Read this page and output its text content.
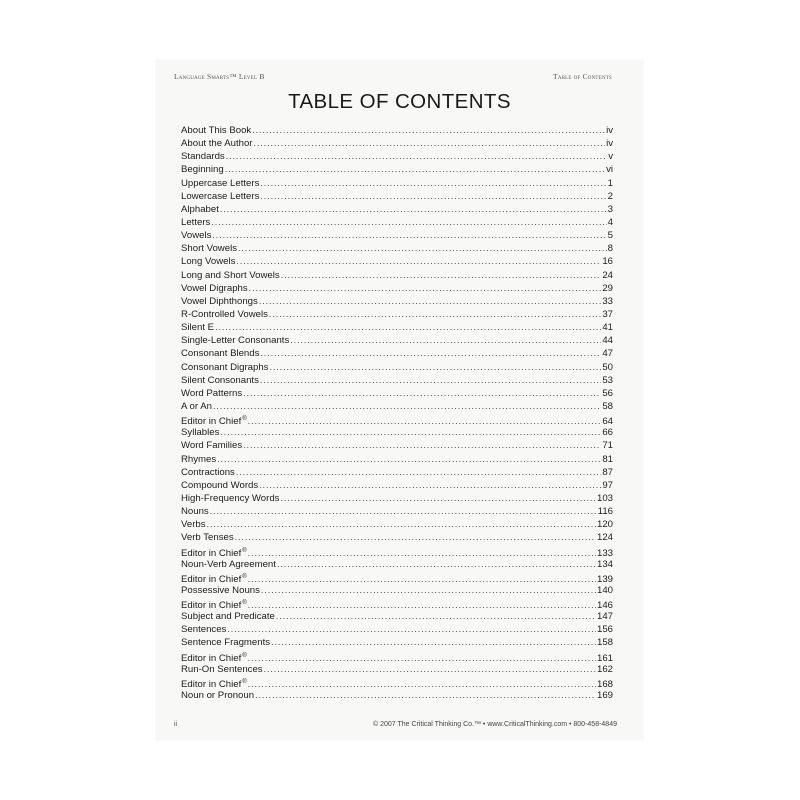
Language Smarts™ Level B	Table of Contents
TABLE OF CONTENTS
About This Book .....	iv
About the Author .....	iv
Standards .....	v
Beginning .....	vi
Uppercase Letters .....	1
Lowercase Letters .....	2
Alphabet .....	3
Letters .....	4
Vowels .....	5
Short Vowels .....	8
Long Vowels .....	16
Long and Short Vowels .....	24
Vowel Digraphs .....	29
Vowel Diphthongs .....	33
R-Controlled Vowels .....	37
Silent E .....	41
Single-Letter Consonants .....	44
Consonant Blends .....	47
Consonant Digraphs .....	50
Silent Consonants .....	53
Word Patterns .....	56
A or An .....	58
Editor in Chief® .....	64
Syllables .....	66
Word Families .....	71
Rhymes .....	81
Contractions .....	87
Compound Words .....	97
High-Frequency Words .....	103
Nouns .....	116
Verbs .....	120
Verb Tenses .....	124
Editor in Chief® .....	133
Noun-Verb Agreement .....	134
Editor in Chief® .....	139
Possessive Nouns .....	140
Editor in Chief® .....	146
Subject and Predicate .....	147
Sentences .....	156
Sentence Fragments .....	158
Editor in Chief® .....	161
Run-On Sentences .....	162
Editor in Chief® .....	168
Noun or Pronoun .....	169
ii	© 2007 The Critical Thinking Co.™ • www.CriticalThinking.com • 800-458-4849
